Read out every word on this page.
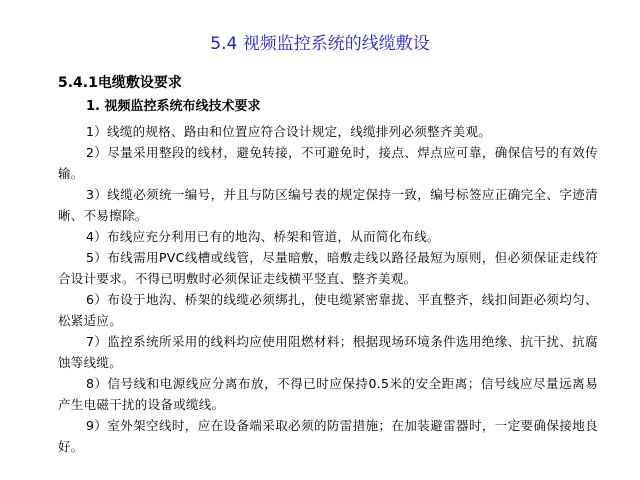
5.4 视频监控系统的线缆敷设
5.4.1电缆敷设要求
1. 视频监控系统布线技术要求
1）线缆的规格、路由和位置应符合设计规定，线缆排列必须整齐美观。
2）尽量采用整段的线材，避免转接，不可避免时，接点、焊点应可靠，确保信号的有效传输。
3）线缆必须统一编号，并且与防区编号表的规定保持一致，编号标签应正确完全、字迹清晰、不易擦除。
4）布线应充分利用已有的地沟、桥架和管道，从而简化布线。
5）布线需用PVC线槽或线管，尽量暗敷，暗敷走线以路径最短为原则，但必须保证走线符合设计要求。不得已明敷时必须保证走线横平竖直、整齐美观。
6）布设于地沟、桥架的线缆必须绑扎，使电缆紧密靠拢、平直整齐，线扣间距必须均匀、松紧适应。
7）监控系统所采用的线料均应使用阻燃材料；根据现场环境条件选用绝缘、抗干扰、抗腐蚀等线缆。
8）信号线和电源线应分离布放，不得已时应保持0.5米的安全距离；信号线应尽量远离易产生电磁干扰的设备或缆线。
9）室外架空线时，应在设备端采取必须的防雷措施；在加装避雷器时，一定要确保接地良好。
